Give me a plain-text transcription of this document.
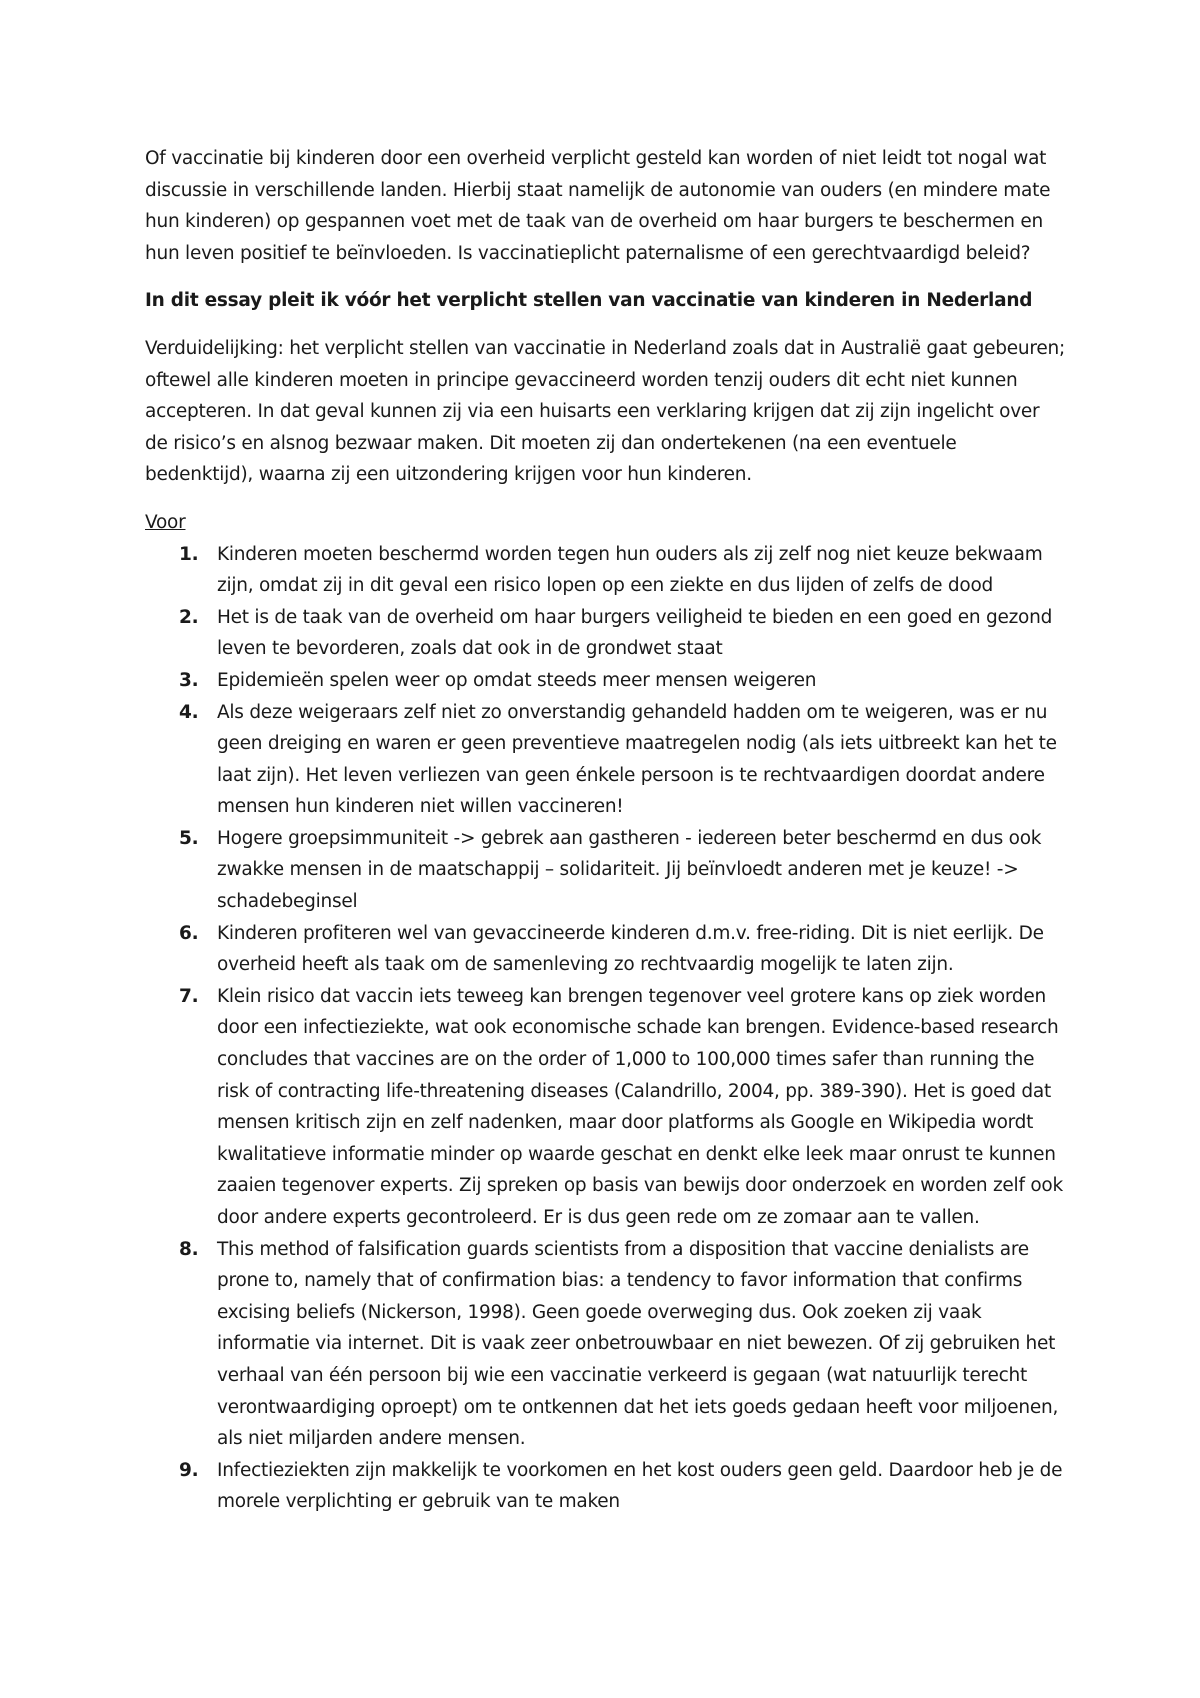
Of vaccinatie bij kinderen door een overheid verplicht gesteld kan worden of niet leidt tot nogal wat discussie in verschillende landen. Hierbij staat namelijk de autonomie van ouders (en mindere mate hun kinderen) op gespannen voet met de taak van de overheid om haar burgers te beschermen en hun leven positief te beïnvloeden. Is vaccinatieplicht paternalisme of een gerechtvaardigd beleid?

In dit essay pleit ik vóór het verplicht stellen van vaccinatie van kinderen in Nederland

Verduidelijking: het verplicht stellen van vaccinatie in Nederland zoals dat in Australië gaat gebeuren; oftewel alle kinderen moeten in principe gevaccineerd worden tenzij ouders dit echt niet kunnen accepteren. In dat geval kunnen zij via een huisarts een verklaring krijgen dat zij zijn ingelicht over de risico’s en alsnog bezwaar maken. Dit moeten zij dan ondertekenen (na een eventuele bedenktijd), waarna zij een uitzondering krijgen voor hun kinderen.

Voor

1. Kinderen moeten beschermd worden tegen hun ouders als zij zelf nog niet keuze bekwaam zijn, omdat zij in dit geval een risico lopen op een ziekte en dus lijden of zelfs de dood
2. Het is de taak van de overheid om haar burgers veiligheid te bieden en een goed en gezond leven te bevorderen, zoals dat ook in de grondwet staat
3. Epidemieën spelen weer op omdat steeds meer mensen weigeren
4. Als deze weigeraars zelf niet zo onverstandig gehandeld hadden om te weigeren, was er nu geen dreiging en waren er geen preventieve maatregelen nodig (als iets uitbreekt kan het te laat zijn). Het leven verliezen van geen énkele persoon is te rechtvaardigen doordat andere mensen hun kinderen niet willen vaccineren!
5. Hogere groepsimmuniteit -> gebrek aan gastheren - iedereen beter beschermd en dus ook zwakke mensen in de maatschappij – solidariteit. Jij beïnvloedt anderen met je keuze! -> schadebeginsel
6. Kinderen profiteren wel van gevaccineerde kinderen d.m.v. free-riding. Dit is niet eerlijk. De overheid heeft als taak om de samenleving zo rechtvaardig mogelijk te laten zijn.
7. Klein risico dat vaccin iets teweeg kan brengen tegenover veel grotere kans op ziek worden door een infectieziekte, wat ook economische schade kan brengen. Evidence-based research concludes that vaccines are on the order of 1,000 to 100,000 times safer than running the risk of contracting life-threatening diseases (Calandrillo, 2004, pp. 389-390). Het is goed dat mensen kritisch zijn en zelf nadenken, maar door platforms als Google en Wikipedia wordt kwalitatieve informatie minder op waarde geschat en denkt elke leek maar onrust te kunnen zaaien tegenover experts. Zij spreken op basis van bewijs door onderzoek en worden zelf ook door andere experts gecontroleerd. Er is dus geen rede om ze zomaar aan te vallen.
8. This method of falsification guards scientists from a disposition that vaccine denialists are prone to, namely that of confirmation bias: a tendency to favor information that confirms excising beliefs (Nickerson, 1998). Geen goede overweging dus. Ook zoeken zij vaak informatie via internet. Dit is vaak zeer onbetrouwbaar en niet bewezen. Of zij gebruiken het verhaal van één persoon bij wie een vaccinatie verkeerd is gegaan (wat natuurlijk terecht verontwaardiging oproept) om te ontkennen dat het iets goeds gedaan heeft voor miljoenen, als niet miljarden andere mensen.
9. Infectieziekten zijn makkelijk te voorkomen en het kost ouders geen geld. Daardoor heb je de morele verplichting er gebruik van te maken
